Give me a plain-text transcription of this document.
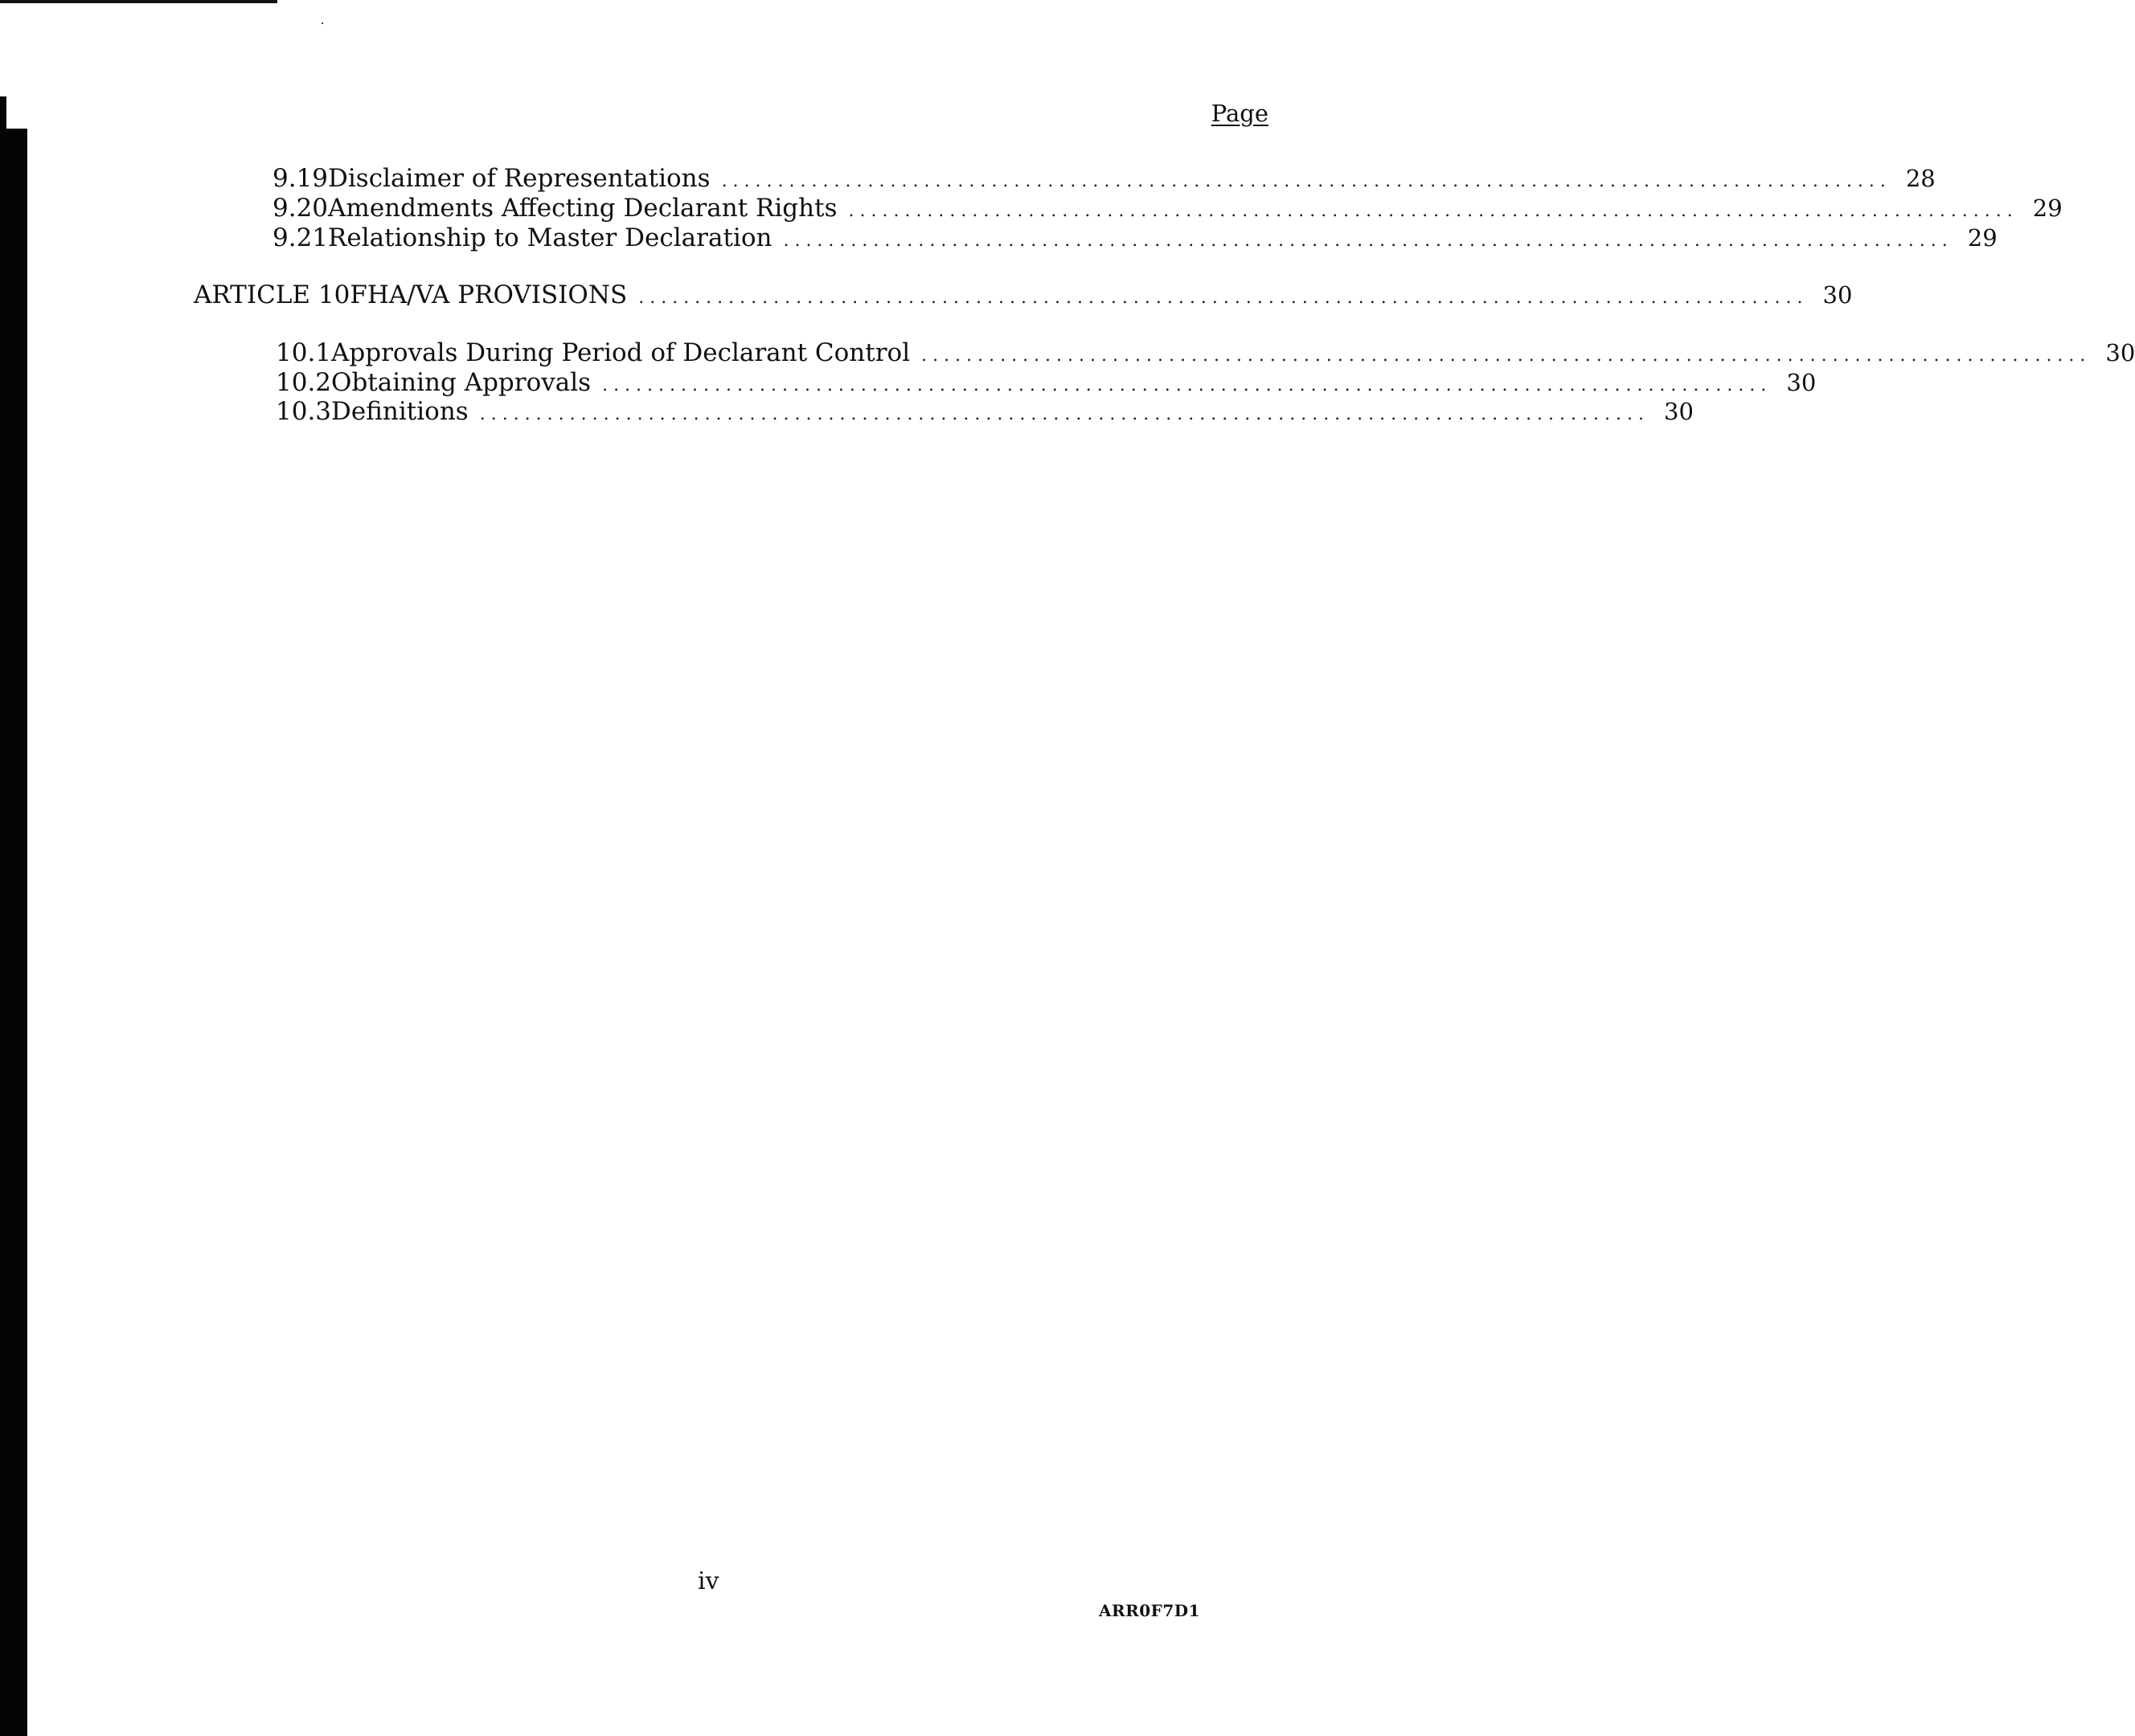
Page
9.19 Disclaimer of Representations ........................................................................................................ 28
9.20 Amendments Affecting Declarant Rights ........................................................................................................ 29
9.21 Relationship to Master Declaration ........................................................................................................ 29
ARTICLE 10 FHA/VA PROVISIONS ........................................................................................................ 30
10.1 Approvals During Period of Declarant Control ........................................................................................................ 30
10.2 Obtaining Approvals ........................................................................................................ 30
10.3 Definitions ........................................................................................................ 30
iv
ARR0F7D1
